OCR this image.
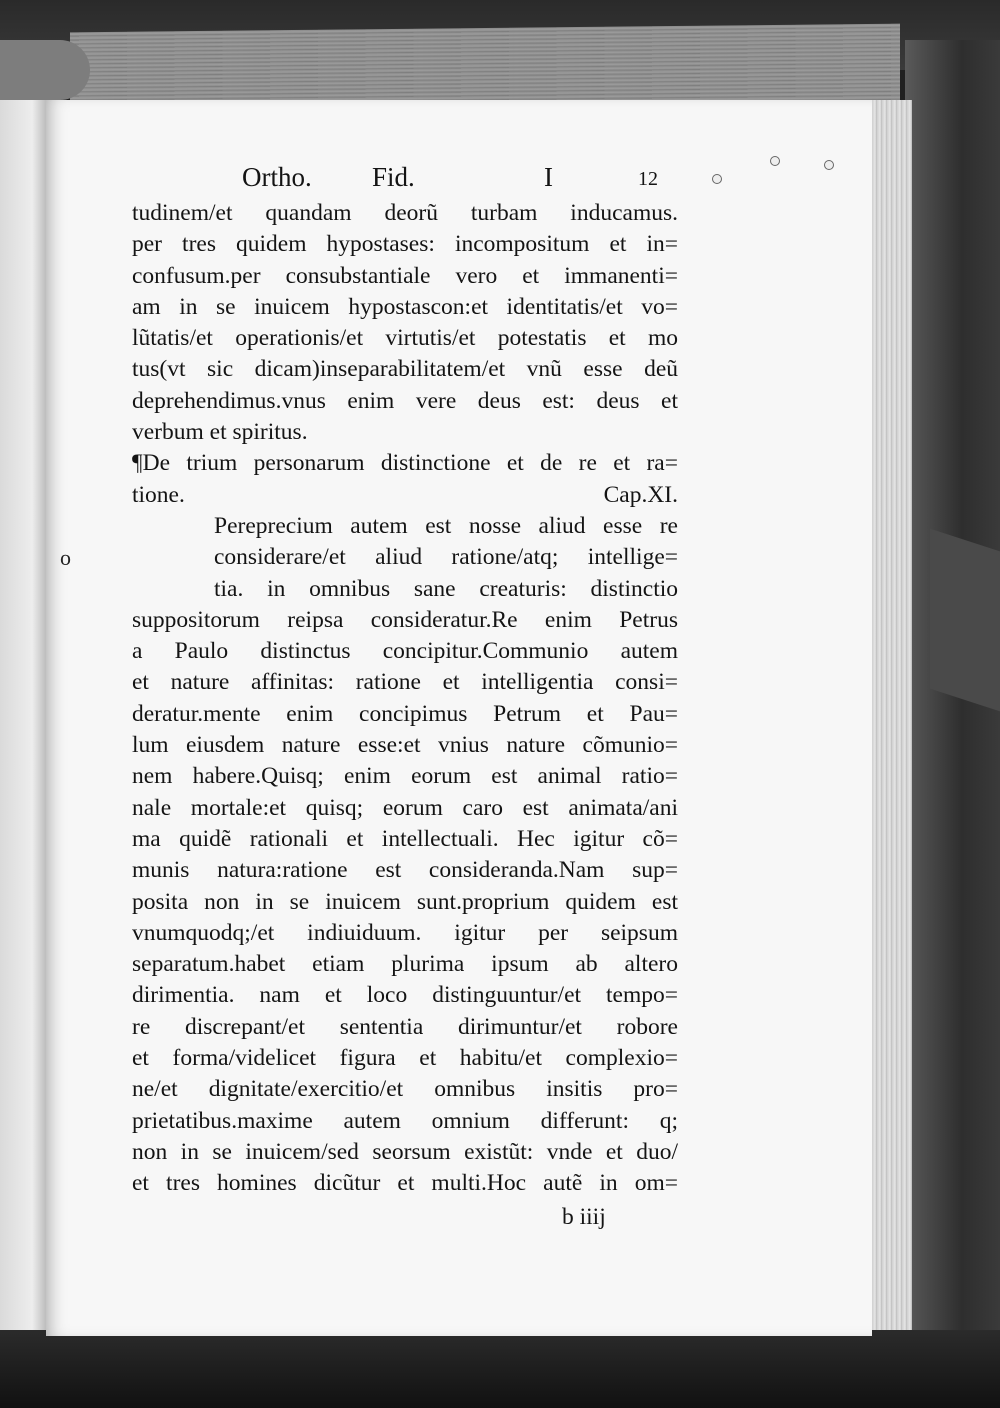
Ortho. Fid.	I	12
tudinem/et quandam deorũ turbam inducamus.
per tres quidem hypostases: incompositum et in=
confusum.per consubstantiale vero et immanenti=
am in se inuicem hypostascon:et identitatis/et vo=
lũtatis/et operationis/et virtutis/et potestatis et mo
tus(vt sic dicam)inseparabilitatem/et vnũ esse deũ
deprehendimus.vnus enim vere deus est: deus et
verbum et spiritus.
¶De trium personarum distinctione et de re et ra=
tione.	Cap.XI.
o
Pereprecium autem est nosse aliud esse re
considerare/et aliud ratione/atq; intellige=
tia. in omnibus sane creaturis: distinctio
suppositorum reipsa consideratur.Re enim Petrus
a Paulo distinctus concipitur.Communio autem
et nature affinitas: ratione et intelligentia consi=
deratur.mente enim concipimus Petrum et Pau=
lum eiusdem nature esse:et vnius nature cõmunio=
nem habere.Quisq; enim eorum est animal ratio=
nale mortale:et quisq; eorum caro est animata/ani
ma quidẽ rationali et intellectuali. Hec igitur cõ=
munis natura:ratione est consideranda.Nam sup=
posita non in se inuicem sunt.proprium quidem est
vnumquodq;/et indiuiduum. igitur per seipsum
separatum.habet etiam plurima ipsum ab altero
dirimentia. nam et loco distinguuntur/et tempo=
re discrepant/et sententia dirimuntur/et robore
et forma/videlicet figura et habitu/et complexio=
ne/et dignitate/exercitio/et omnibus insitis pro=
prietatibus.maxime autem omnium differunt: q;
non in se inuicem/sed seorsum existũt: vnde et duo/
et tres homines dicũtur et multi.Hoc autẽ in om=
b iiij
